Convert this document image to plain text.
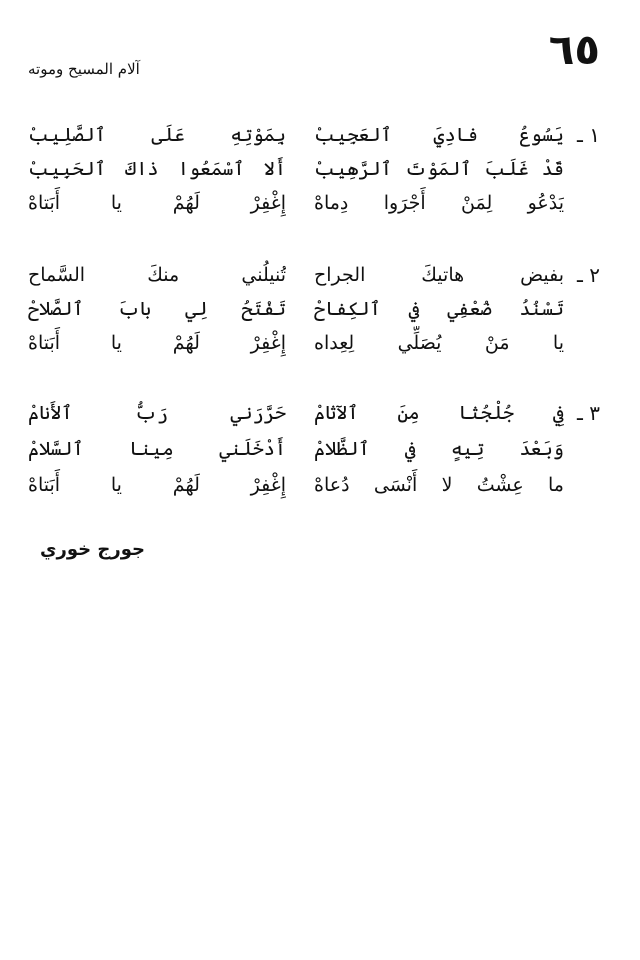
٦٥
آلام المسيح وموته
١ ـ
يَسُوعُ فادِيَ ٱلعَجِيبْ
بِمَوْتِهِ عَلَى ٱلصَّلِيبْ
قَدْ غَلَبَ ٱلمَوْتَ ٱلرَّهِيبْ
أَلا ٱسْمَعُوا ذاكَ ٱلحَبِيبْ
يَدْعُو لِمَنْ أَجْرَوا دِماهْ
إِغْفِرْ لَهُمْ يا أَبَتاهْ
٢ ـ
بفيض هاتيكَ الجراح
تُنيلُني منكَ السَّماح
تَسْنُدُ ضُعْفِي في ٱلكِفاحْ
تَفْتَحُ لِي بابَ ٱلصَّلاحْ
يا مَنْ يُصَلِّي لِعِداه
إِغْفِرْ لَهُمْ يا أَبَتاهْ
٣ ـ
فِي جُلْجُثا مِنَ ٱلآثامْ
حَرَّرَني رَبُّ ٱلأَنامْ
وَبَعْدَ تِيهٍ في ٱلظَّلامْ
أَدْخَلَني مِينا ٱلسَّلامْ
ما عِشْتُ لا أَنْسَى دُعاهْ
إِغْفِرْ لَهُمْ يا أَبَتاهْ
جورج خوري
